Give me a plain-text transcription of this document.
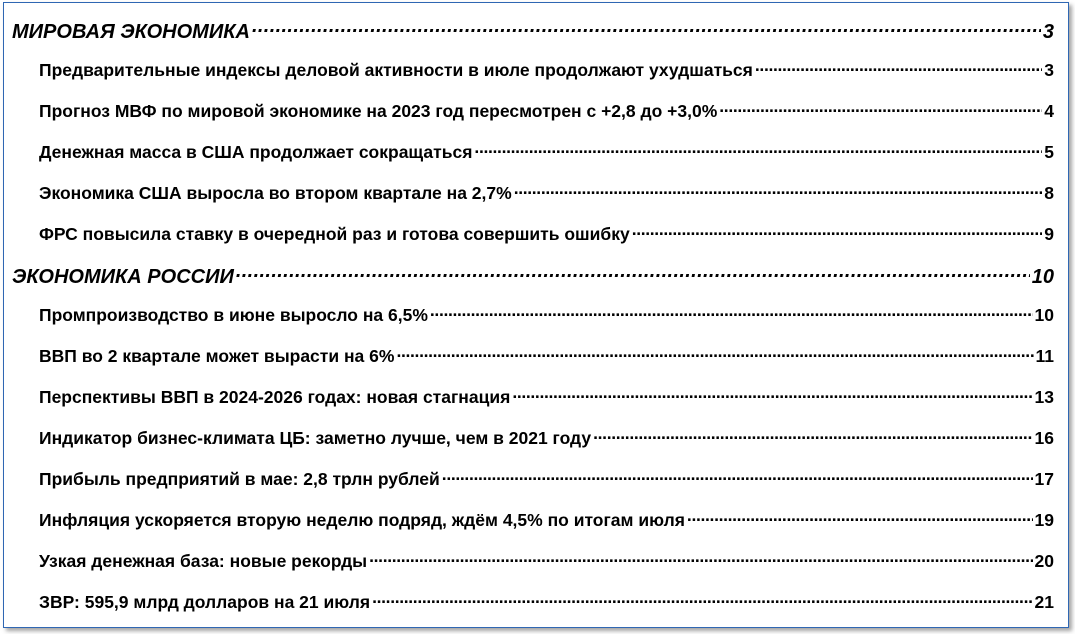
МИРОВАЯ ЭКОНОМИКА . . .	3
Предварительные индексы деловой активности в июле продолжают ухудшаться . . .	3
Прогноз МВФ по мировой экономике на 2023 год пересмотрен с +2,8 до +3,0% . . .	4
Денежная масса в США продолжает сокращаться . . .	5
Экономика США выросла во втором квартале на 2,7% . . .	8
ФРС повысила ставку в очередной раз и готова совершить ошибку . . .	9
ЭКОНОМИКА РОССИИ . . .	10
Промпроизводство в июне выросло на 6,5% . . .	10
ВВП во 2 квартале может вырасти на 6% . . .	11
Перспективы ВВП в 2024-2026 годах: новая стагнация . . .	13
Индикатор бизнес-климата ЦБ: заметно лучше, чем в 2021 году . . .	16
Прибыль предприятий в мае: 2,8 трлн рублей . . .	17
Инфляция ускоряется вторую неделю подряд, ждём 4,5% по итогам июля . . .	19
Узкая денежная база: новые рекорды . . .	20
ЗВР: 595,9 млрд долларов на 21 июля . . .	21
